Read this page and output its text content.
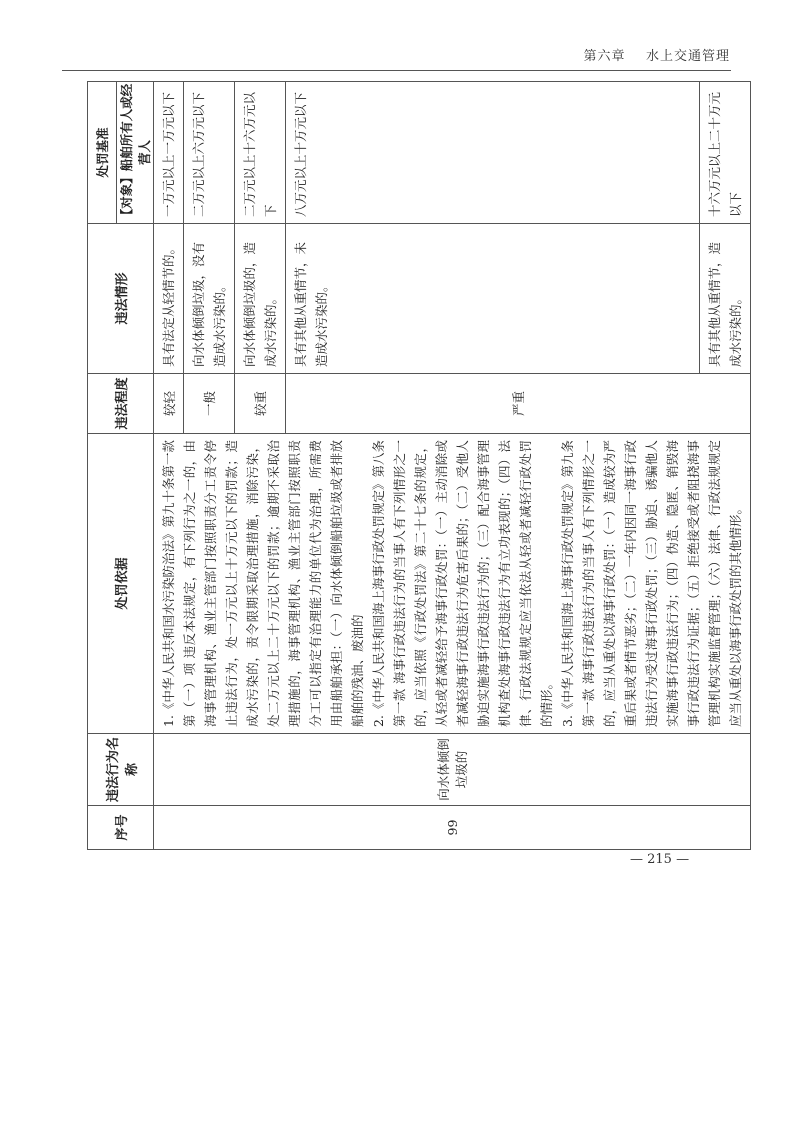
第六章 水上交通管理
序号	违法行为名称	处罚依据	违法程度	违法情形	处罚基准
					【对象】船舶所有人或经营人
99	向水体倾倒垃圾的	1.《中华人民共和国水污染防治法》第九十条第一款第（一）项 违反本法规定，有下列行为之一的，由海事管理机构、渔业主管部门按照职责分工责令停止违法行为，处一万元以上十万元以下的罚款；造成水污染的，责令限期采取治理措施，消除污染，处二万元以上二十万元以下的罚款；逾期不采取治理措施的，海事管理机构、渔业主管部门按照职责分工可以指定有治理能力的单位代为治理，所需费用由船舶承担：（一）向水体倾倒船舶垃圾或者排放船舶的残油、废油的 2.《中华人民共和国海上海事行政处罚规定》第八条第一款 海事行政违法行为的当事人有下列情形之一的，应当依照《行政处罚法》第二十七条的规定，从轻或者减轻给予海事行政处罚：（一）主动消除或者减轻海事行政违法行为危害后果的；（二）受他人胁迫实施海事行政违法行为的；（三）配合海事管理机构查处海事行政违法行为有立功表现的；（四）法律、行政法规规定应当依法从轻或者减轻行政处罚的情形。 3.《中华人民共和国海上海事行政处罚规定》第九条第一款 海事行政违法行为的当事人有下列情形之一的，应当从重处以海事行政处罚：（一）造成较为严重后果或者情节恶劣；（二）一年内因同一海事行政违法行为受过海事行政处罚；（三）胁迫、诱骗他人实施海事行政违法行为；（四）伪造、隐匿、销毁海事行政违法行为证据；（五）拒绝接受或者阻挠海事管理机构实施监督管理；（六）法律、行政法规规定应当从重处以海事行政处罚的其他情形。	较轻	具有法定从轻情节的。	一万元以上一万元以下
			一般	向水体倾倒垃圾，没有造成水污染的。	二万元以上六万元以下
			较重	向水体倾倒垃圾的，造成水污染的。	二万元以上十六万元以下
			严重	具有其他从重情节，未造成水污染的。	八万元以上十万元以下
				具有其他从重情节，造成水污染的。	十六万元以上二十万元以下
— 215 —
